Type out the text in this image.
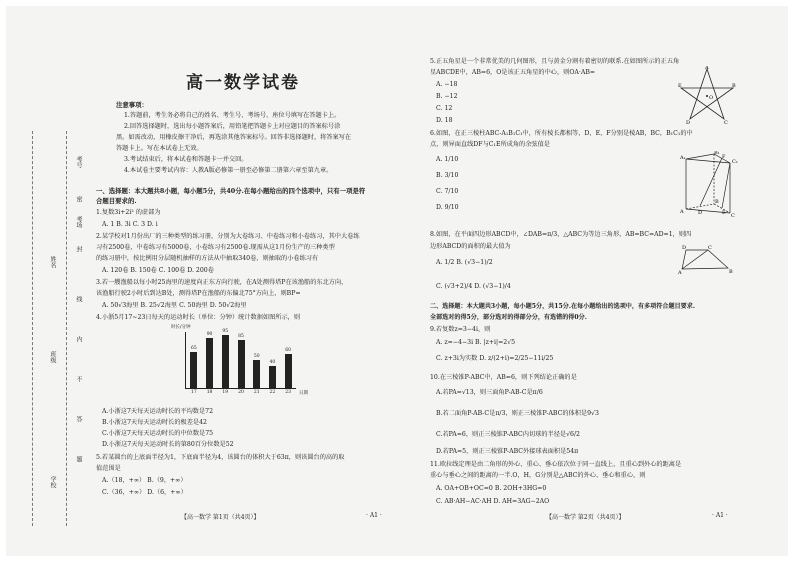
考号
考场
姓名
班级
学校
密
封
线
内
不
答
题
高一数学试卷
注意事项：
1.答题前，考生务必将自己的姓名、考生号、考场号、座位号填写在答题卡上。
2.回答选择题时，选出每小题答案后，用铅笔把答题卡上对应题目的答案标号涂
黑。如需改动，用橡皮擦干净后，再选涂其他答案标号。回答非选择题时，将答案写在
答题卡上。写在本试卷上无效。
3.考试结束后，将本试卷和答题卡一并交回。
4.本试卷主要考试内容：人教A版必修第一册至必修第二册第六章至第九章。
一、选择题：本大题共8小题，每小题5分，共40分.在每小题给出的四个选项中，只有一项是符
合题目要求的.
1.复数3i+2i² 的虚部为
A. 1 B. 3i C. 3 D. i
2.某学校对1月份出厂的三种类型的练习册，分别为大卷练习、中卷练习和小卷练习，其中大卷练
习有2500卷，中卷练习有5000卷，小卷练习有2500卷.现需从这1月份生产的三种类型
的练习册中，按比例用分层随机抽样的方法从中抽取340卷，则抽取的小卷练习有
A. 120卷 B. 150卷 C. 100卷 D. 200卷
3.若一艘渔船以每小时25海里的速度向正东方向行驶，在A处测得塔P在该渔船的东北方向，
该渔船行驶2小时后到达B处，测得塔P在渔船的东偏北75°方向上，则BP=
A. 50√3海里 B. 25√2海里 C. 50海里 D. 50√2海里
4.小浙5月17~23日每天的运动时长（单位：分钟）统计数据如图所示，则
时长/分钟
日期
17
65
18
90
19
95
20
85
21
50
22
40
23
60
A.小浙这7天每天运动时长的平均数是72
B.小浙这7天每天运动时长的极差是42
C.小浙这7天每天运动时长的中位数是75
D.小浙这7天每天运动时长的第80百分位数是52
5.若某圆台的上底面半径为1，下底面半径为4，该圆台的体积大于63π，则该圆台的高的取
值范围是
A.（18，+∞） B.（9，+∞）
C.（36，+∞） D.（6，+∞）
【高一数学 第1页（共4页）】	· A1 ·
5.正五角星是一个非常优美的几何图形，且与黄金分割有着密切的联系.在如图所示的正五角
星ABCDE中，AB=6，O是该正五角星的中心，则OA·AB=
A. −18
B. −12
C. 12
D. 18
A
E	B
D	C
O
6.如图，在正三棱柱ABC-A₁B₁C₁中，所有棱长都相等，D，E，F分别是棱AB，BC，B₁C₁的中
点，则异面直线DF与C₁E所成角的余弦值是
A. 1/10
B. 3/10
C. 7/10
D. 9/10
A₁
B₁
C₁
A
B
C
D	E
F
8.如图，在平面四边形ABCD中，∠DAB=π/3，△ABC为等边三角形，AB=BC=AD=1，则四
边形ABCD的面积的最大值为
A. 1/2 B. (√3−1)/2
C. (√3+2)/4 D. (√3−1)/4
D
A	B
C
二、选择题：本大题共3小题，每小题5分，共15分.在每小题给出的选项中，有多项符合题目要求.
全部选对的得5分，部分选对的得部分分，有选错的得0分.
9.若复数z=3−4i，则
A. z=−4−3i B. |z+i|=2√5
C. z+3i为实数 D. z/(2+i)=2/25−11i/25
10.在三棱锥P-ABC中，AB=6，则下列结论正确的是
A.若PA=√13，则三面角P-AB-C是π/6
B.若二面角P-AB-C是π/3，则正三棱锥P-ABC的体积是9√3
C.若PA=6，则正三棱锥P-ABC内切球的半径是√6/2
D.若PA=5，则正三棱锥P-ABC外接球表面积是54π
11.欧拉线定理是由二角形的外心、重心、垂心依次位于同一直线上，且重心到外心的距离是
重心与垂心之间的距离的一半.O，H，G分别是△ABC的外心、垂心和重心，则
A. OA+OB+OC=0 B. 2OH+3HG=0
C. AB·AH−AC·AH D. AH=3AG−2AO
【高一数学 第2页（共4页）】	· A1 ·
